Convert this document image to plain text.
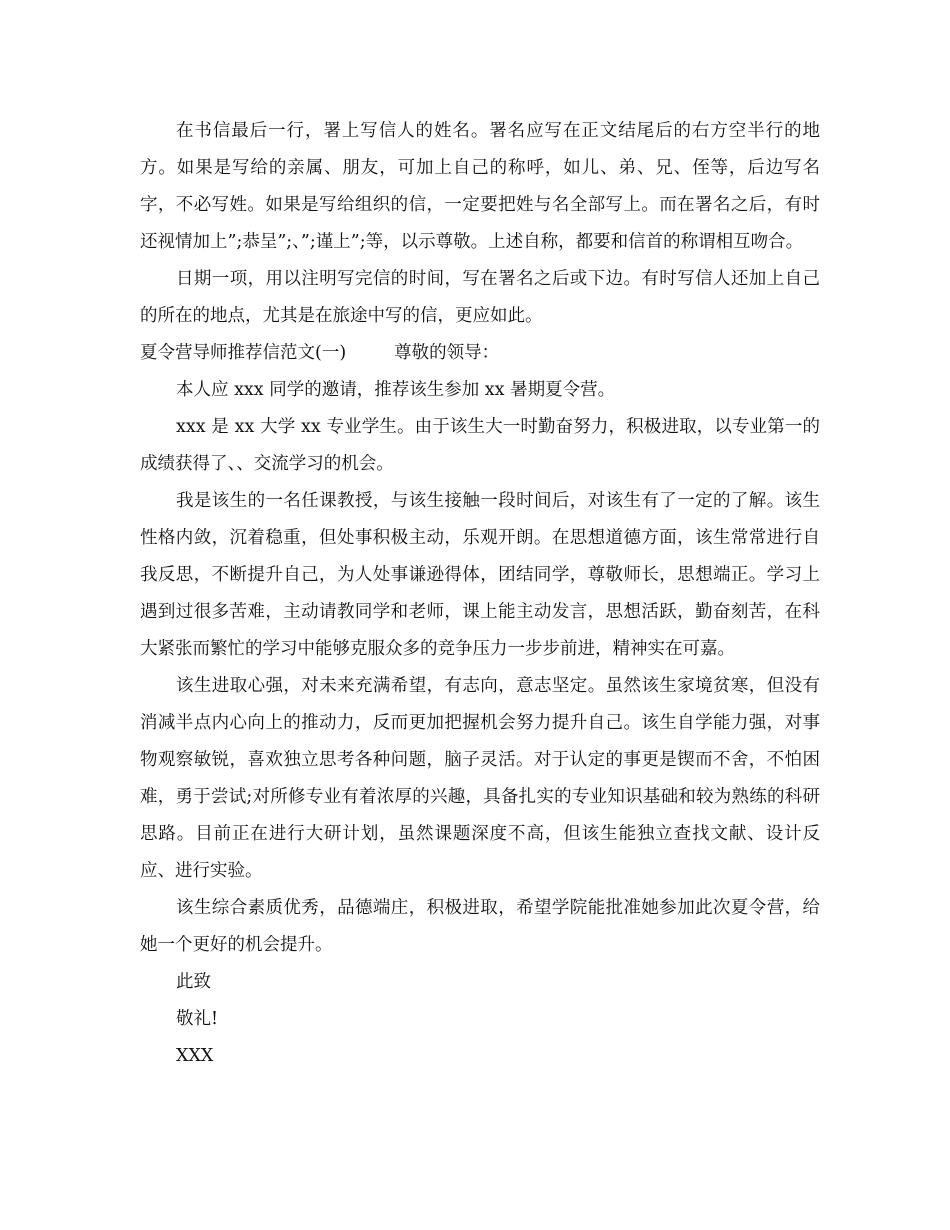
在书信最后一行，署上写信人的姓名。署名应写在正文结尾后的右方空半行的地方。如果是写给的亲属、朋友，可加上自己的称呼，如儿、弟、兄、侄等，后边写名字，不必写姓。如果是写给组织的信，一定要把姓与名全部写上。而在署名之后，有时还视情加上”;恭呈”;、”;谨上”;等，以示尊敬。上述自称，都要和信首的称谓相互吻合。

日期一项，用以注明写完信的时间，写在署名之后或下边。有时写信人还加上自己的所在的地点，尤其是在旅途中写的信，更应如此。

夏令营导师推荐信范文(一)	尊敬的领导：

本人应 xxx 同学的邀请，推荐该生参加 xx 暑期夏令营。

xxx 是 xx 大学 xx 专业学生。由于该生大一时勤奋努力，积极进取，以专业第一的成绩获得了、、交流学习的机会。

我是该生的一名任课教授，与该生接触一段时间后，对该生有了一定的了解。该生性格内敛，沉着稳重，但处事积极主动，乐观开朗。在思想道德方面，该生常常进行自我反思，不断提升自己，为人处事谦逊得体，团结同学，尊敬师长，思想端正。学习上遇到过很多苦难，主动请教同学和老师，课上能主动发言，思想活跃，勤奋刻苦，在科大紧张而繁忙的学习中能够克服众多的竞争压力一步步前进，精神实在可嘉。

该生进取心强，对未来充满希望，有志向，意志坚定。虽然该生家境贫寒，但没有消减半点内心向上的推动力，反而更加把握机会努力提升自己。该生自学能力强，对事物观察敏锐，喜欢独立思考各种问题，脑子灵活。对于认定的事更是锲而不舍，不怕困难，勇于尝试;对所修专业有着浓厚的兴趣，具备扎实的专业知识基础和较为熟练的科研思路。目前正在进行大研计划，虽然课题深度不高，但该生能独立查找文献、设计反应、进行实验。

该生综合素质优秀，品德端庄，积极进取，希望学院能批准她参加此次夏令营，给她一个更好的机会提升。

此致

敬礼!

XXX
